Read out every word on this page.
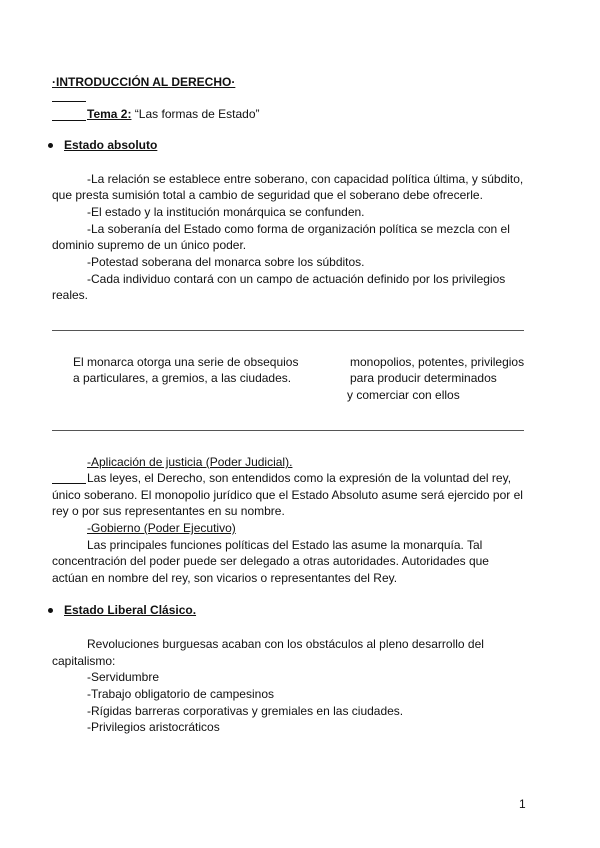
·INTRODUCCIÓN AL DERECHO·
Tema 2: “Las formas de Estado”
Estado absoluto
-La relación se establece entre soberano, con capacidad política última, y súbdito,
que presta sumisión total a cambio de seguridad que el soberano debe ofrecerle.
-El estado y la institución monárquica se confunden.
-La soberanía del Estado como forma de organización política se mezcla con el
dominio supremo de un único poder.
-Potestad soberana del monarca sobre los súbditos.
-Cada individuo contará con un campo de actuación definido por los privilegios
reales.
El monarca otorga una serie de obsequios
a particulares, a gremios, a las ciudades.
monopolios, potentes, privilegios
para producir determinados
y comerciar con ellos
-Aplicación de justicia (Poder Judicial).
Las leyes, el Derecho, son entendidos como la expresión de la voluntad del rey,
único soberano. El monopolio jurídico que el Estado Absoluto asume será ejercido por el
rey o por sus representantes en su nombre.
-Gobierno (Poder Ejecutivo)
Las principales funciones políticas del Estado las asume la monarquía. Tal
concentración del poder puede ser delegado a otras autoridades. Autoridades que
actúan en nombre del rey, son vicarios o representantes del Rey.
Estado Liberal Clásico.
Revoluciones burguesas acaban con los obstáculos al pleno desarrollo del
capitalismo:
-Servidumbre
-Trabajo obligatorio de campesinos
-Rígidas barreras corporativas y gremiales en las ciudades.
-Privilegios aristocráticos
1
